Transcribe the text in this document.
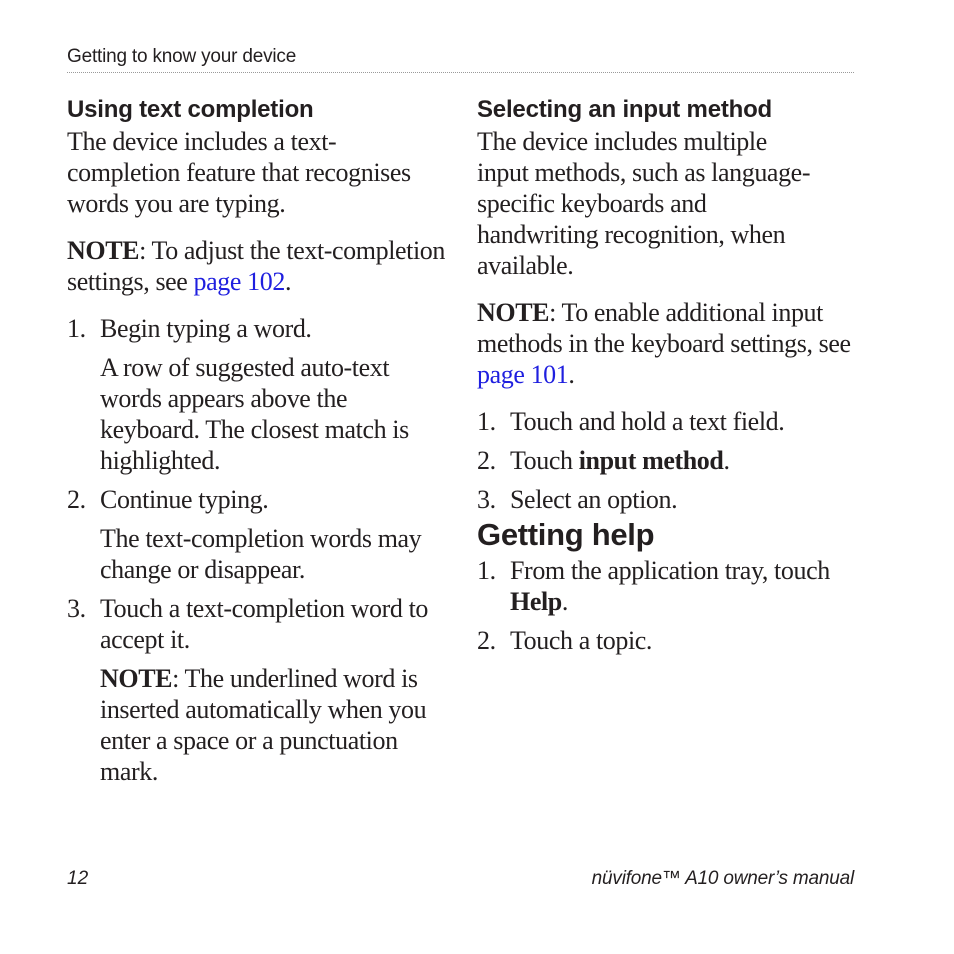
Getting to know your device
Using text completion

The device includes a text-completion feature that recognises words you are typing.

NOTE: To adjust the text-completion settings, see page 102.

1. Begin typing a word.

A row of suggested auto-text words appears above the keyboard. The closest match is highlighted.

2. Continue typing.

The text-completion words may change or disappear.

3. Touch a text-completion word to accept it.

NOTE: The underlined word is inserted automatically when you enter a space or a punctuation mark.

Selecting an input method

The device includes multiple input methods, such as language-specific keyboards and handwriting recognition, when available.

NOTE: To enable additional input methods in the keyboard settings, see page 101.

1. Touch and hold a text field.
2. Touch input method.
3. Select an option.
Getting help
1. From the application tray, touch Help.
2. Touch a topic.
12	nüvifone™ A10 owner’s manual
